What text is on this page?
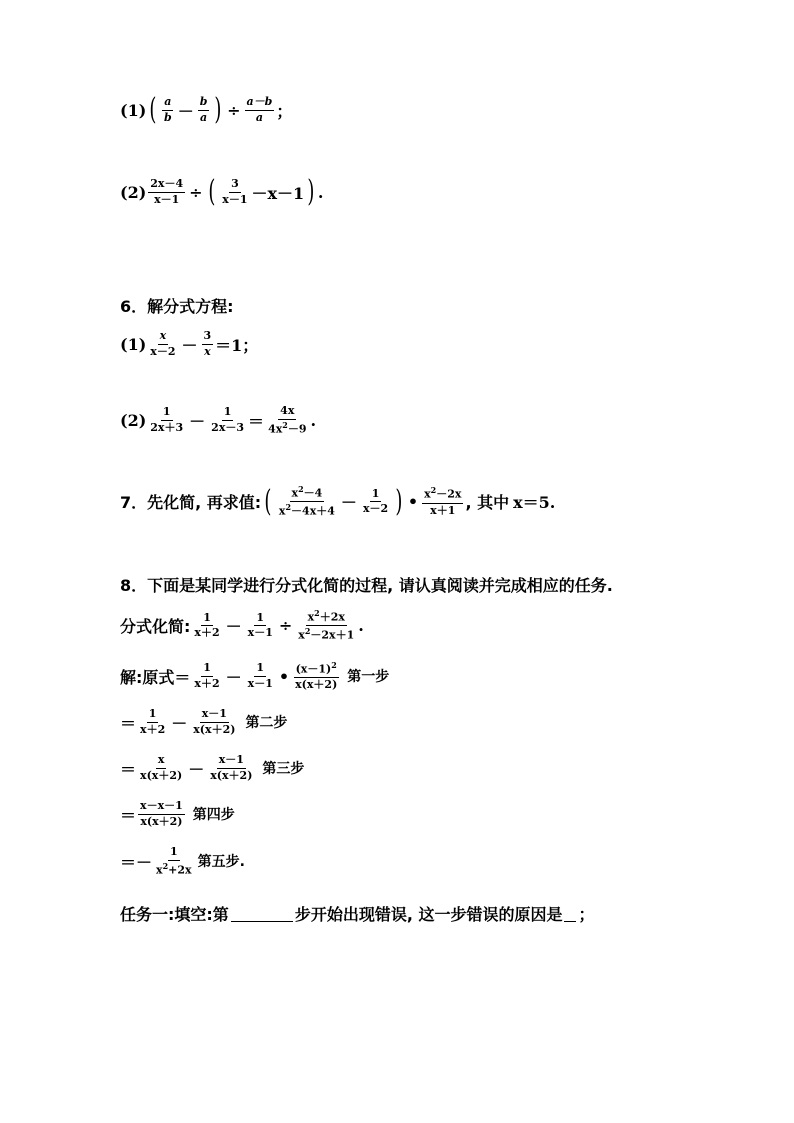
(1) ( $\frac{a}{b} - \frac{b}{a}$ ) ÷ $\frac{a-b}{a}$ ；
$(2) \frac{2x-4}{x-1}$ ÷ ( $\frac{3}{x-1} -x-1$ ) .
6．解分式方程:
$(1) \frac{x}{x-2} - \frac{3}{x} =1$；
$(2) \frac{1}{2x+3} - \frac{1}{2x-3} = \frac{4x}{4x^2-9}$ .
7．先化简, 再求值: ( $\frac{x^2-4}{x^2-4x+4} - \frac{1}{x-2}$ ) • $\frac{x^2-2x}{x+1}$ , 其中 x＝5.
8．下面是某同学进行分式化简的过程, 请认真阅读并完成相应的任务.
分式化简: $\frac{1}{x+2} - \frac{1}{x-1} \div \frac{x^2+2x}{x^2-2x+1}$ .
解:原式＝ $\frac{1}{x+2} - \frac{1}{x-1}$ • $\frac{(x-1)^2}{x(x+2)}$ 第一步
＝ $\frac{1}{x+2} - \frac{x-1}{x(x+2)}$ 第二步
＝ $\frac{x}{x(x+2)} - \frac{x-1}{x(x+2)}$ 第三步
＝ $\frac{x-x-1}{x(x+2)}$ 第四步
＝－ $\frac{1}{x^2+2x}$ 第五步.
任务一:填空:第	步开始出现错误, 这一步错误的原因是 ；
